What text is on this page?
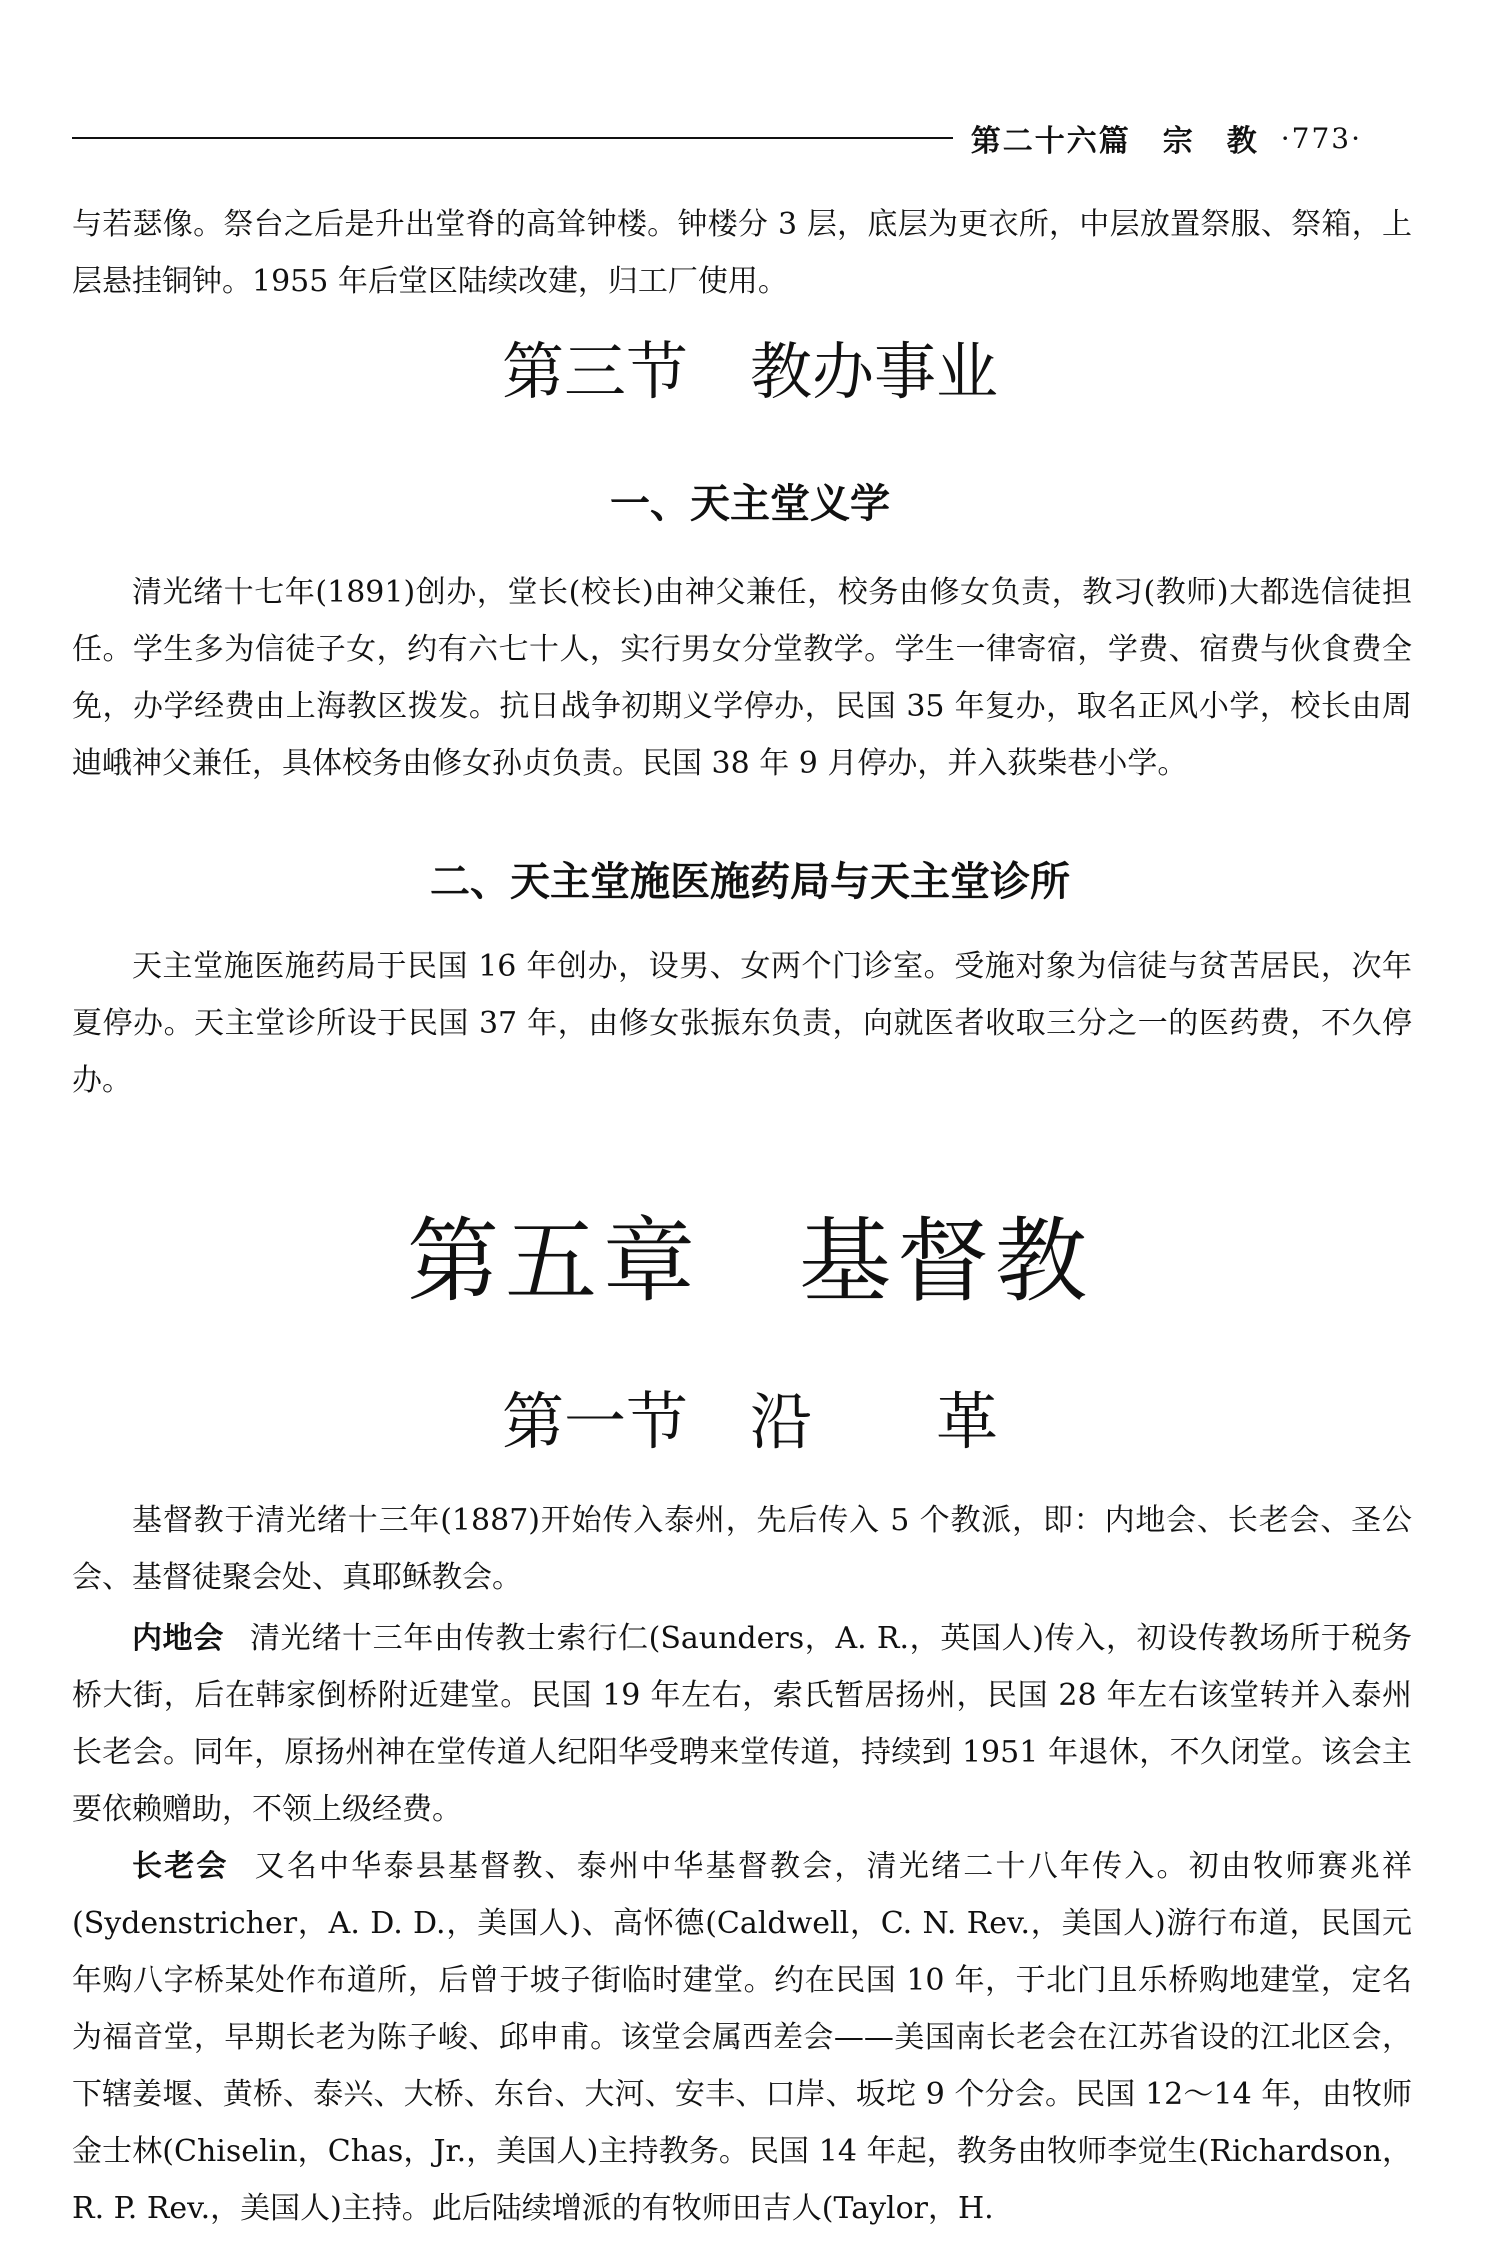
第二十六篇　宗　教 ·773·

与若瑟像。祭台之后是升出堂脊的高耸钟楼。钟楼分 3 层，底层为更衣所，中层放置祭服、祭箱，上层悬挂铜钟。1955 年后堂区陆续改建，归工厂使用。

第三节　教办事业
一、天主堂义学

清光绪十七年(1891)创办，堂长(校长)由神父兼任，校务由修女负责，教习(教师)大都选信徒担任。学生多为信徒子女，约有六七十人，实行男女分堂教学。学生一律寄宿，学费、宿费与伙食费全免，办学经费由上海教区拨发。抗日战争初期义学停办，民国 35 年复办，取名正风小学，校长由周迪峨神父兼任，具体校务由修女孙贞负责。民国 38 年 9 月停办，并入荻柴巷小学。

二、天主堂施医施药局与天主堂诊所

天主堂施医施药局于民国 16 年创办，设男、女两个门诊室。受施对象为信徒与贫苦居民，次年夏停办。天主堂诊所设于民国 37 年，由修女张振东负责，向就医者收取三分之一的医药费，不久停办。

第五章　基督教
第一节　沿　　革

基督教于清光绪十三年(1887)开始传入泰州，先后传入 5 个教派，即：内地会、长老会、圣公会、基督徒聚会处、真耶稣教会。

内地会 清光绪十三年由传教士索行仁(Saunders，A. R.，英国人)传入，初设传教场所于税务桥大街，后在韩家倒桥附近建堂。民国 19 年左右，索氏暂居扬州，民国 28 年左右该堂转并入泰州长老会。同年，原扬州神在堂传道人纪阳华受聘来堂传道，持续到 1951 年退休，不久闭堂。该会主要依赖赠助，不领上级经费。

长老会 又名中华泰县基督教、泰州中华基督教会，清光绪二十八年传入。初由牧师赛兆祥(Sydenstricher，A. D. D.，美国人)、高怀德(Caldwell，C. N. Rev.，美国人)游行布道，民国元年购八字桥某处作布道所，后曾于坡子街临时建堂。约在民国 10 年，于北门且乐桥购地建堂，定名为福音堂，早期长老为陈子峻、邱申甫。该堂会属西差会——美国南长老会在江苏省设的江北区会，下辖姜堰、黄桥、泰兴、大桥、东台、大河、安丰、口岸、坂坨 9 个分会。民国 12～14 年，由牧师金士林(Chiselin，Chas，Jr.，美国人)主持教务。民国 14 年起，教务由牧师李觉生(Richardson，R. P. Rev.，美国人)主持。此后陆续增派的有牧师田吉人(Taylor，H.
